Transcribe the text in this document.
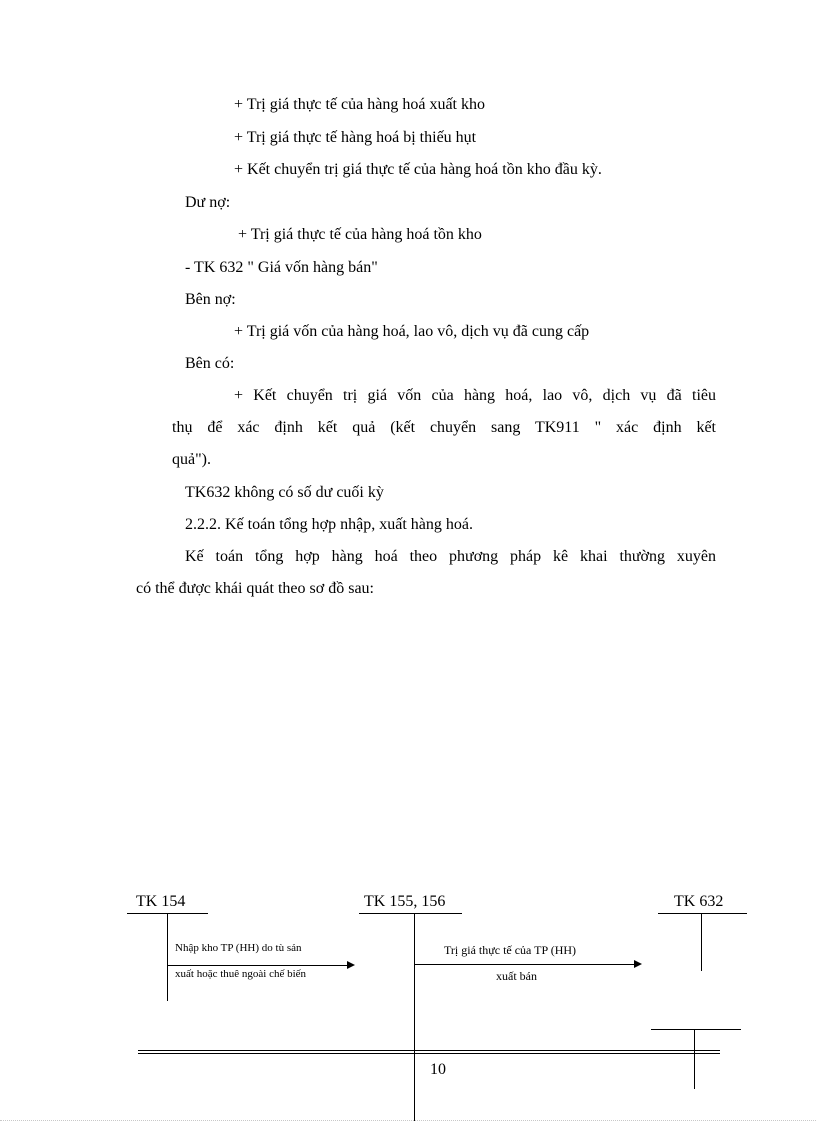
+ Trị giá thực tế của hàng hoá xuất kho
+ Trị giá thực tế hàng hoá bị thiếu hụt
+ Kết chuyển trị giá thực tế của hàng hoá tồn kho đầu kỳ.
Dư nợ:
+ Trị giá thực tế của hàng hoá tồn kho
- TK 632 " Giá vốn hàng bán"
Bên nợ:
+ Trị giá vốn của hàng hoá, lao vô, dịch vụ đã cung cấp
Bên có:
+ Kết chuyển trị giá vốn của hàng hoá, lao vô, dịch vụ đã tiêu
thụ để xác định kết quả (kết chuyển sang TK911 " xác định kết
quả").
TK632 không có số dư cuối kỳ
2.2.2. Kế toán tổng hợp nhập, xuất hàng hoá.
Kế toán tổng hợp hàng hoá theo phương pháp kê khai thường xuyên
có thể được khái quát theo sơ đồ sau:
TK 154
Nhập kho TP (HH) do tù sản
xuất hoặc thuê ngoài chế biến
TK 155, 156
Trị giá thực tế của TP (HH)
xuất bán
TK 632
10
